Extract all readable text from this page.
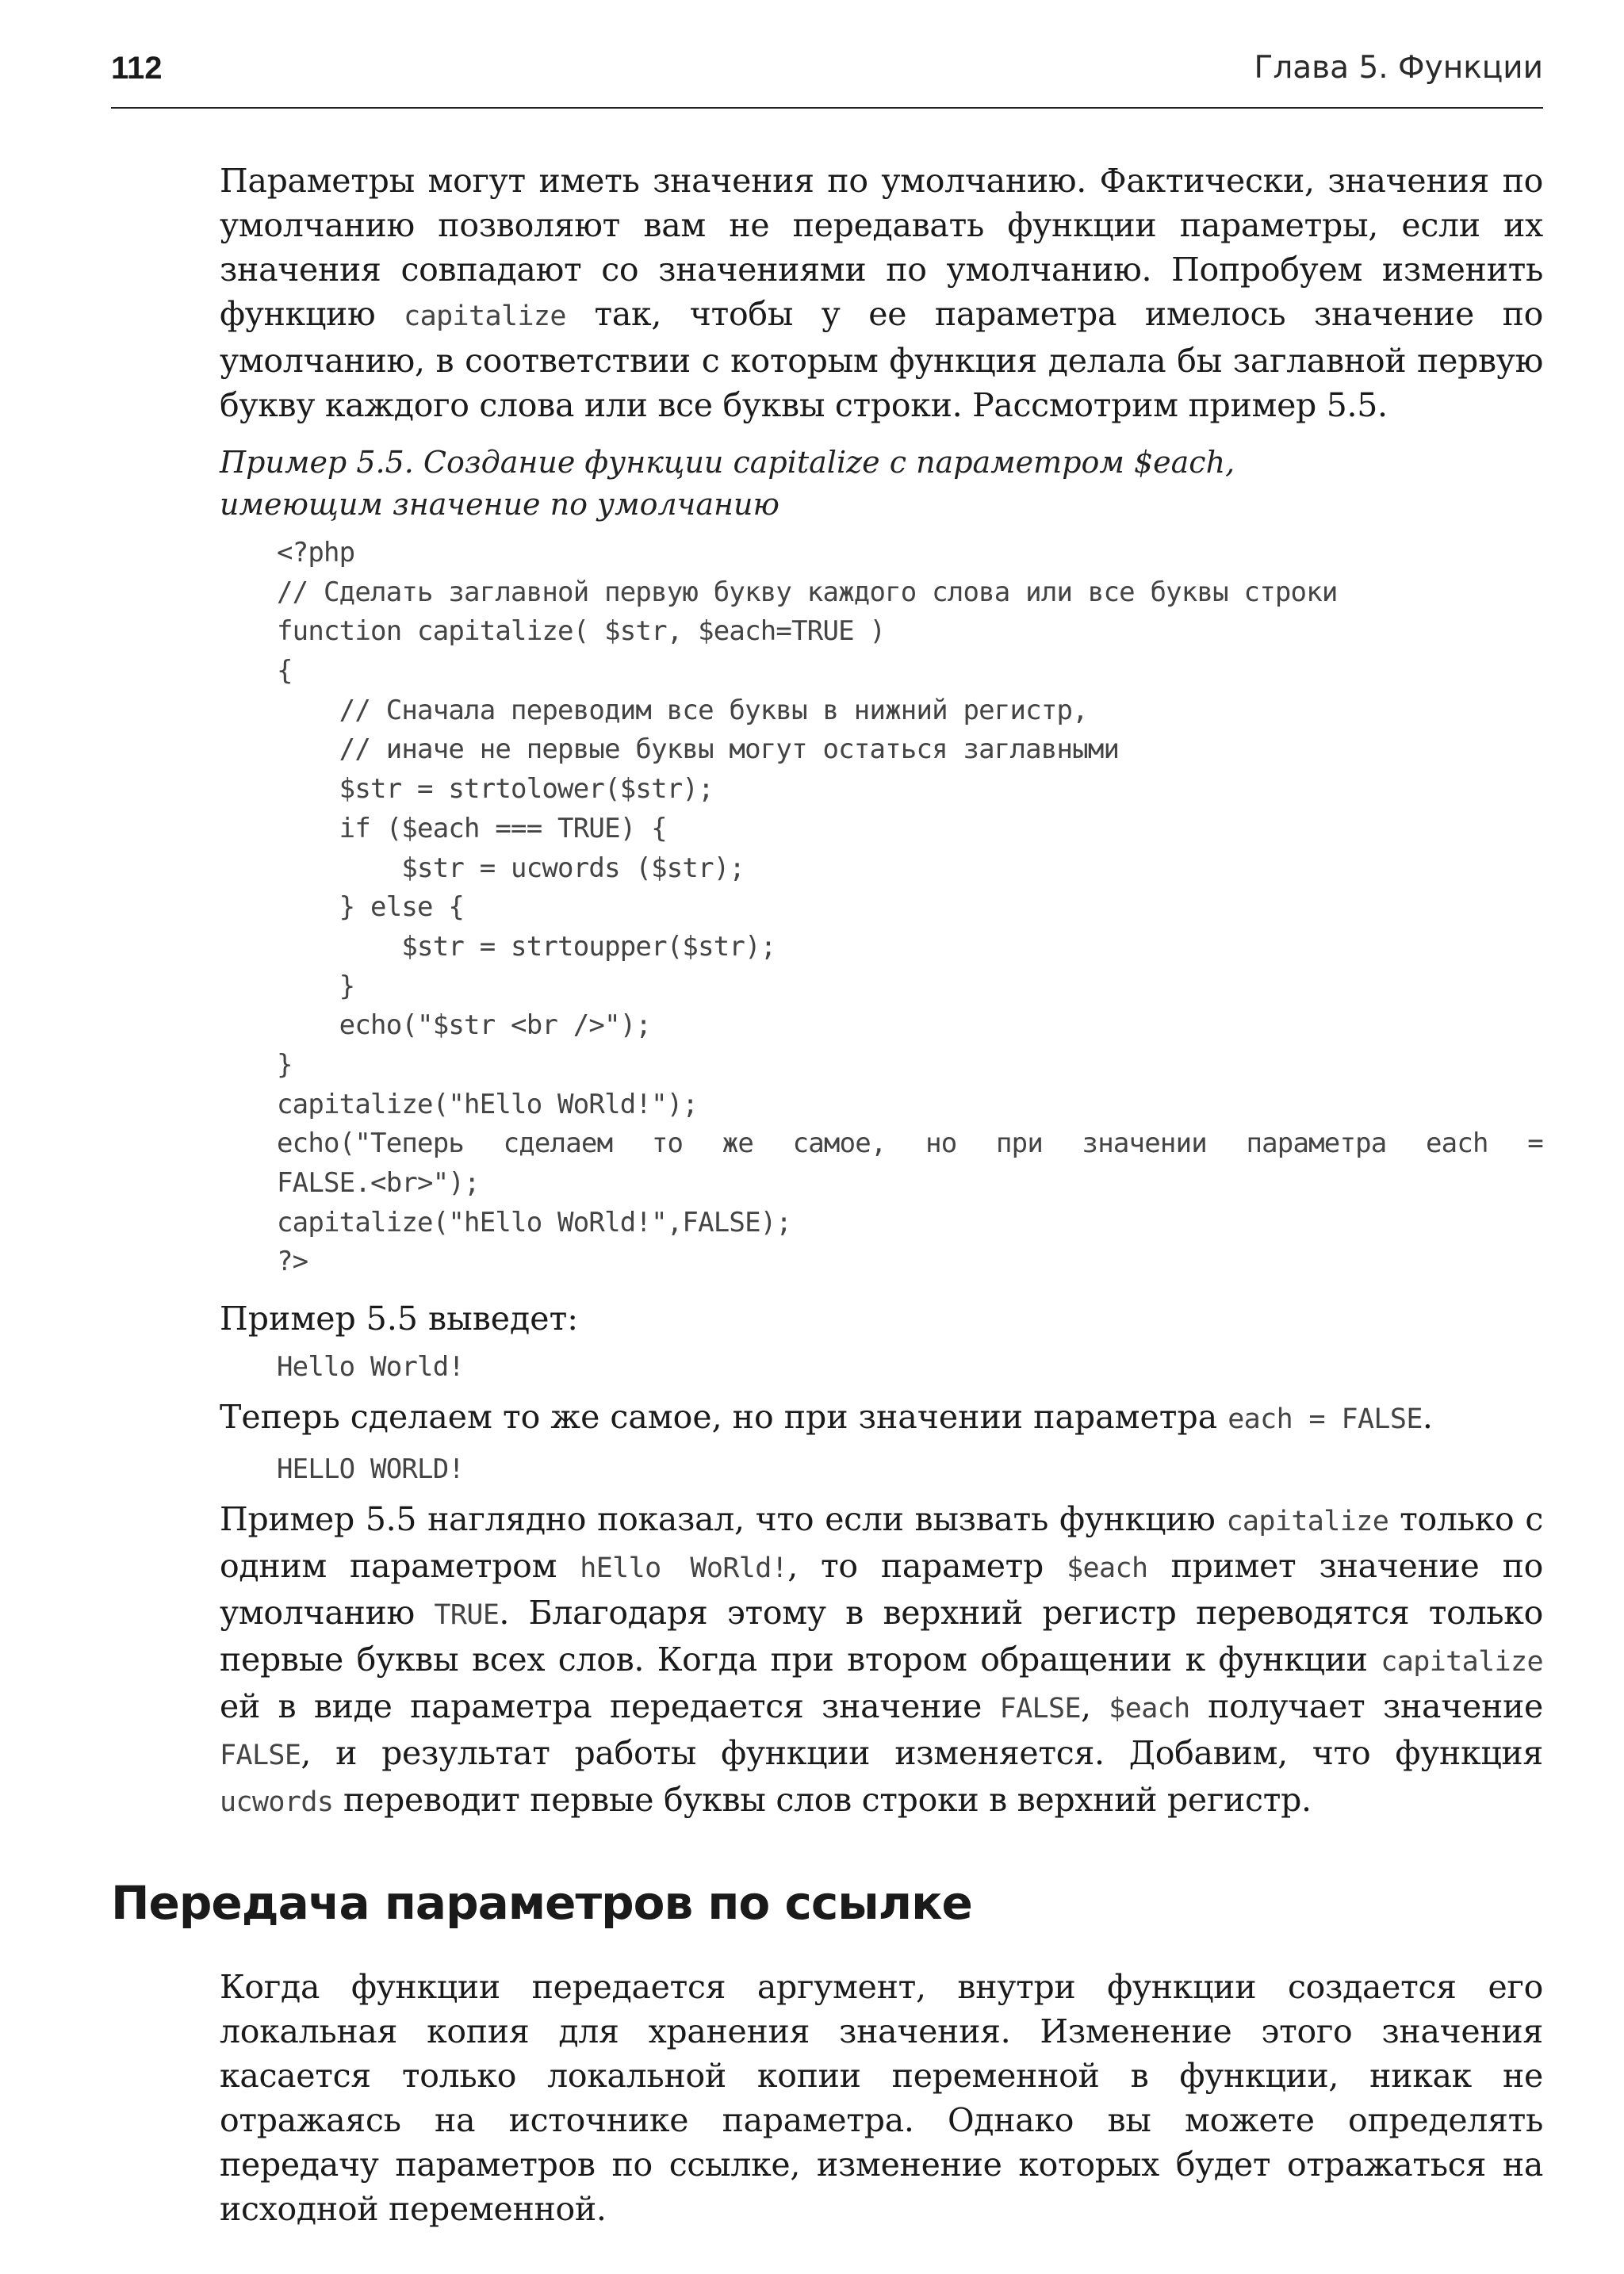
112	Глава 5. Функции

Параметры могут иметь значения по умолчанию. Фактически, значения по умолчанию позволяют вам не передавать функции параметры, если их значения совпадают со значениями по умолчанию. Попробуем изменить функцию capitalize так, чтобы у ее параметра имелось значение по умолчанию, в соответствии с которым функция делала бы заглавной первую букву каждого слова или все буквы строки. Рассмотрим пример 5.5.

Пример 5.5. Создание функции capitalize с параметром $each,
имеющим значение по умолчанию
<?php
// Сделать заглавной первую букву каждого слова или все буквы строки
function capitalize( $str, $each=TRUE )
{
// Сначала переводим все буквы в нижний регистр,
// иначе не первые буквы могут остаться заглавными
$str = strtolower($str);
if ($each === TRUE) {
$str = ucwords ($str);
} else {
$str = strtoupper($str);
}
echo("$str <br />");
}
capitalize("hEllo WoRld!");
echo("Теперь сделаем то же самое, но при значении параметра each =
FALSE.<br>");
capitalize("hEllo WoRld!",FALSE);
?>
Пример 5.5 выведет:
Hello World!
Теперь сделаем то же самое, но при значении параметра each = FALSE.
HELLO WORLD!

Пример 5.5 наглядно показал, что если вызвать функцию capitalize только с одним параметром hEllo WoRld!, то параметр $each примет значение по умолчанию TRUE. Благодаря этому в верхний регистр переводятся только первые буквы всех слов. Когда при втором обращении к функции capitalize ей в виде параметра передается значение FALSE, $each получает значение FALSE, и результат работы функции изменяется. Добавим, что функция ucwords переводит первые буквы слов строки в верхний регистр.

Передача параметров по ссылке

Когда функции передается аргумент, внутри функции создается его локальная копия для хранения значения. Изменение этого значения касается только локальной копии переменной в функции, никак не отражаясь на источнике параметра. Однако вы можете определять передачу параметров по ссылке, изменение которых будет отражаться на исходной переменной.
